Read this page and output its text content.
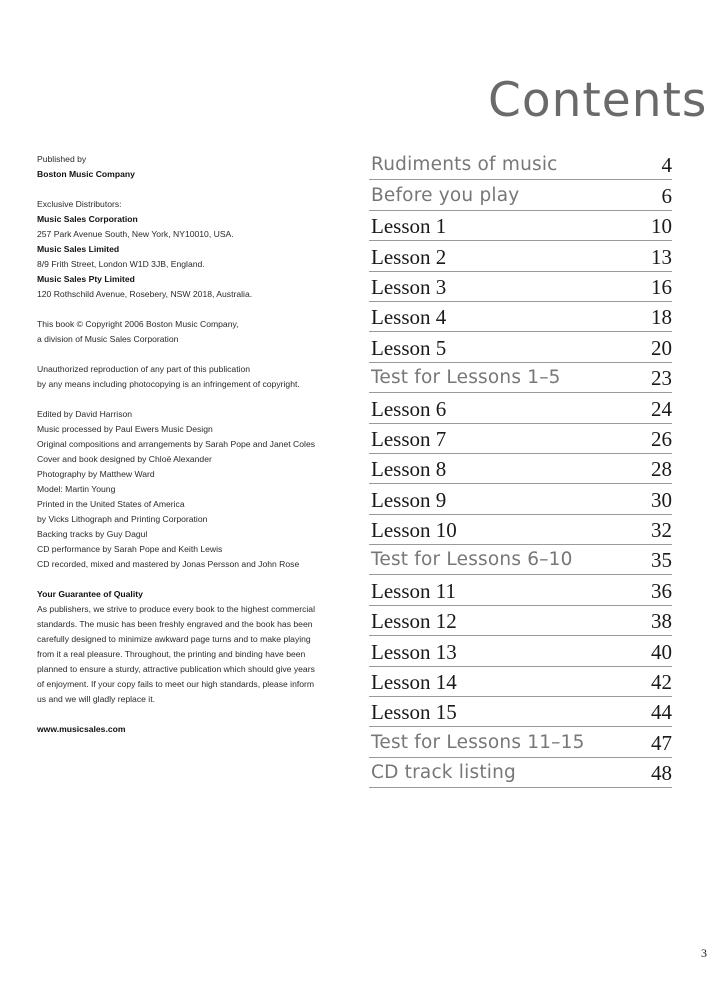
Contents
Published by
Boston Music Company
Exclusive Distributors:
Music Sales Corporation
257 Park Avenue South, New York, NY10010, USA.
Music Sales Limited
8/9 Frith Street, London W1D 3JB, England.
Music Sales Pty Limited
120 Rothschild Avenue, Rosebery, NSW 2018, Australia.
This book © Copyright 2006 Boston Music Company,
a division of Music Sales Corporation
Unauthorized reproduction of any part of this publication
by any means including photocopying is an infringement of copyright.
Edited by David Harrison
Music processed by Paul Ewers Music Design
Original compositions and arrangements by Sarah Pope and Janet Coles
Cover and book designed by Chloë Alexander
Photography by Matthew Ward
Model: Martin Young
Printed in the United States of America
by Vicks Lithograph and Printing Corporation
Backing tracks by Guy Dagul
CD performance by Sarah Pope and Keith Lewis
CD recorded, mixed and mastered by Jonas Persson and John Rose
Your Guarantee of Quality
As publishers, we strive to produce every book to the highest commercial
standards. The music has been freshly engraved and the book has been
carefully designed to minimize awkward page turns and to make playing
from it a real pleasure. Throughout, the printing and binding have been
planned to ensure a sturdy, attractive publication which should give years
of enjoyment. If your copy fails to meet our high standards, please inform
us and we will gladly replace it.
www.musicsales.com
Rudiments of music	4
Before you play	6
Lesson 1	10
Lesson 2	13
Lesson 3	16
Lesson 4	18
Lesson 5	20
Test for Lessons 1–5	23
Lesson 6	24
Lesson 7	26
Lesson 8	28
Lesson 9	30
Lesson 10	32
Test for Lessons 6–10	35
Lesson 11	36
Lesson 12	38
Lesson 13	40
Lesson 14	42
Lesson 15	44
Test for Lessons 11–15	47
CD track listing	48
3
